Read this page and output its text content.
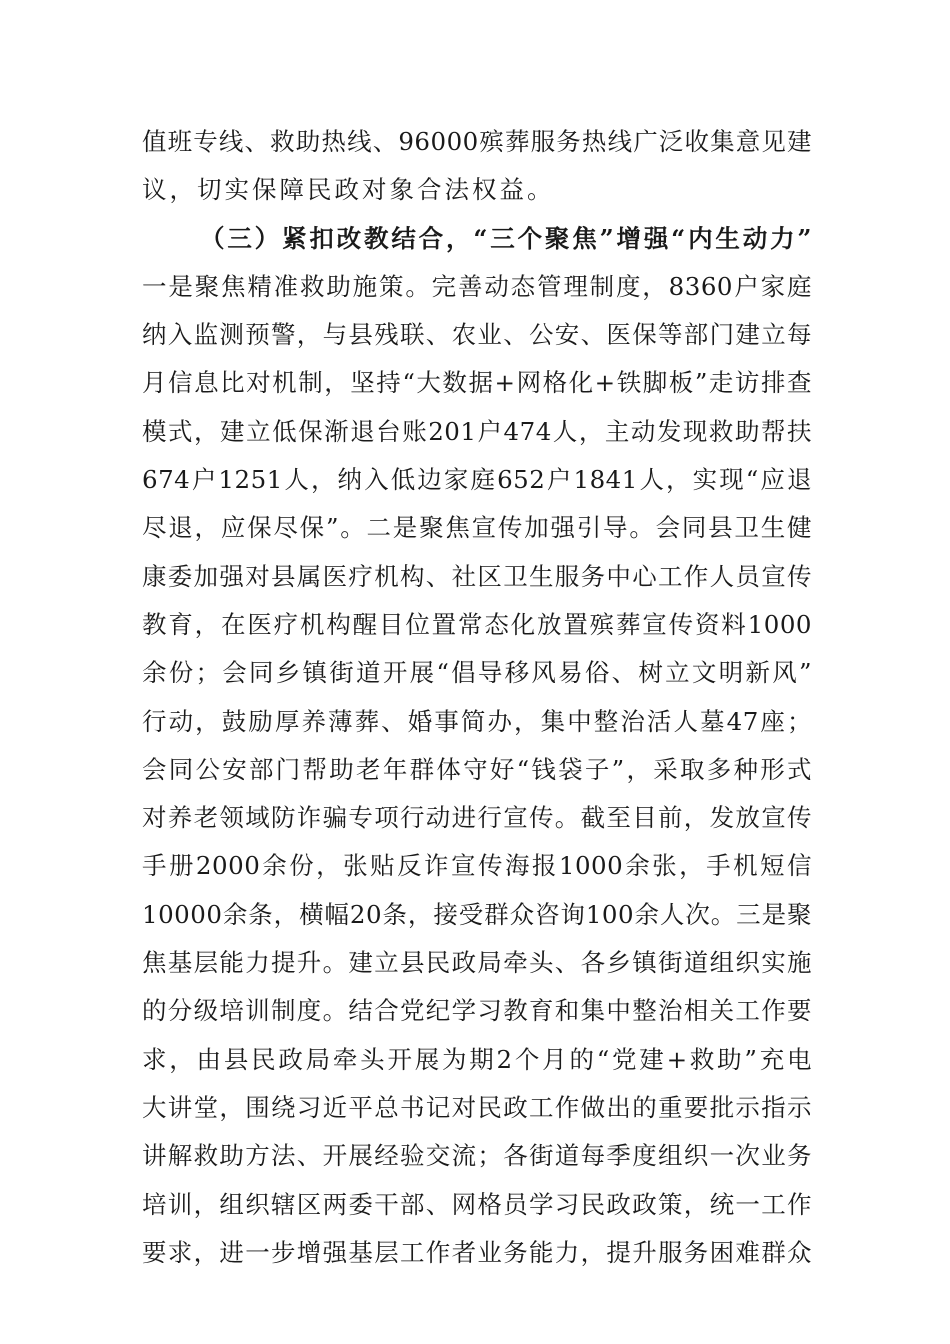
值班专线、救助热线、96000殡葬服务热线广泛收集意见建
议，切实保障民政对象合法权益。
（三）紧扣改教结合，“三个聚焦”增强“内生动力”
一是聚焦精准救助施策。完善动态管理制度，8360户家庭
纳入监测预警，与县残联、农业、公安、医保等部门建立每
月信息比对机制，坚持“大数据+网格化+铁脚板”走访排查
模式，建立低保渐退台账201户474人，主动发现救助帮扶
674户1251人，纳入低边家庭652户1841人，实现“应退
尽退，应保尽保”。二是聚焦宣传加强引导。会同县卫生健
康委加强对县属医疗机构、社区卫生服务中心工作人员宣传
教育，在医疗机构醒目位置常态化放置殡葬宣传资料1000
余份；会同乡镇街道开展“倡导移风易俗、树立文明新风”
行动，鼓励厚养薄葬、婚事简办，集中整治活人墓47座；
会同公安部门帮助老年群体守好“钱袋子”，采取多种形式
对养老领域防诈骗专项行动进行宣传。截至目前，发放宣传
手册2000余份，张贴反诈宣传海报1000余张，手机短信
10000余条，横幅20条，接受群众咨询100余人次。三是聚
焦基层能力提升。建立县民政局牵头、各乡镇街道组织实施
的分级培训制度。结合党纪学习教育和集中整治相关工作要
求，由县民政局牵头开展为期2个月的“党建+救助”充电
大讲堂，围绕习近平总书记对民政工作做出的重要批示指示
讲解救助方法、开展经验交流；各街道每季度组织一次业务
培训，组织辖区两委干部、网格员学习民政政策，统一工作
要求，进一步增强基层工作者业务能力，提升服务困难群众
